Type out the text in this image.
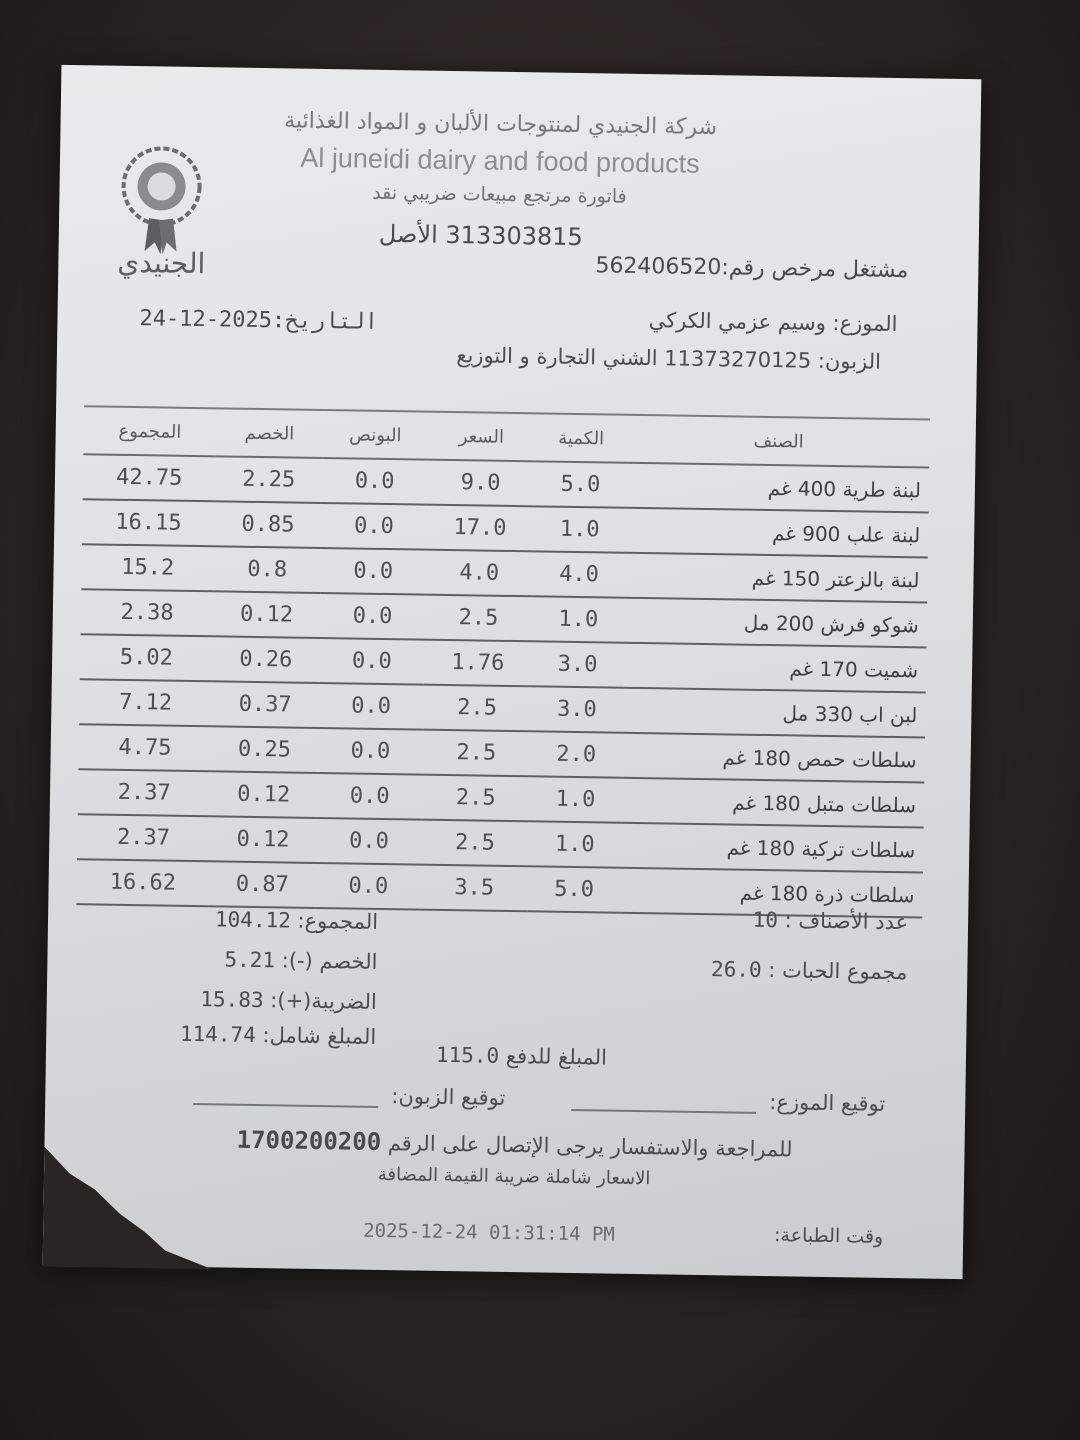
الجنيدي
شركة الجنيدي لمنتوجات الألبان و المواد الغذائية
Al juneidi dairy and food products
فاتورة مرتجع مبيعات ضريبي نقد
313303815 الأصل
مشتغل مرخص رقم:562406520
التاريخ:2025-12-24	الموزع: وسيم عزمي الكركي
الزبون: 11373270125 الشني التجارة و التوزيع
المجموع	الخصم	البونص	السعر	الكمية	الصنف
42.75	2.25	0.0	9.0	5.0	لبنة طرية 400 غم
16.15	0.85	0.0	17.0	1.0	لبنة علب 900 غم
15.2	0.8	0.0	4.0	4.0	لبنة بالزعتر 150 غم
2.38	0.12	0.0	2.5	1.0	شوكو فرش 200 مل
5.02	0.26	0.0	1.76	3.0	شميت 170 غم
7.12	0.37	0.0	2.5	3.0	لبن اب 330 مل
4.75	0.25	0.0	2.5	2.0	سلطات حمص 180 غم
2.37	0.12	0.0	2.5	1.0	سلطات متبل 180 غم
2.37	0.12	0.0	2.5	1.0	سلطات تركية 180 غم
16.62	0.87	0.0	3.5	5.0	سلطات ذرة 180 غم
المجموع: 104.12
الخصم (-): 5.21
الضريبة(+): 15.83
المبلغ شامل: 114.74
عدد الأصناف : 10
مجموع الحبات : 26.0
المبلغ للدفع 115.0
توقيع الموزع:
توقيع الزبون:
للمراجعة والاستفسار يرجى الإتصال على الرقم 1700200200
الاسعار شاملة ضريبة القيمة المضافة
وقت الطباعة:
2025-12-24 01:31:14 PM
